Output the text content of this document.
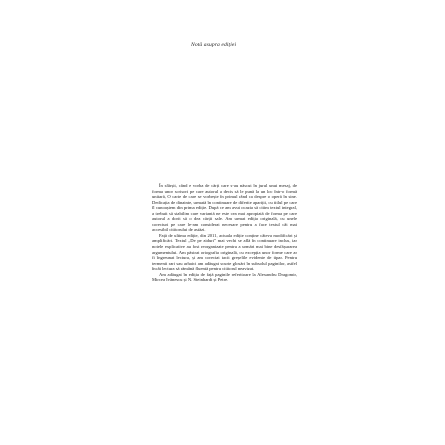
Notă asupra ediției

În sfârșit, când e vorba de cărți care s-au născut în jurul unui mesaj, de forma unor scrisori pe care autorul a decis să le pună la un loc într-o formă unitară, O carte de care se vorbește în primul rând ca despre o operă în sine. Dedicația de dinainte, urmată în continuare de diferite apariții, cu titlul pe care îl cunoaștem din prima ediție. După ce am avut ocazia să citim textul integral, a trebuit să stabilim care variantă ne este cea mai apropiată de forma pe care autorul a dorit să o dea cărții sale. Am urmat ediția originală, cu unele corecturi pe care le-am considerat necesare pentru a face textul cât mai accesibil cititorului de astăzi.

Față de ultima ediție, din 2011, actuala ediție conține câteva modificări și amplificări. Textul „De pe ziduri” mai vechi se află în continuare inclus, iar notele explicative au fost reorganizate pentru a urmări mai bine desfășurarea argumentului. Am păstrat ortografia originală, cu excepția unor forme care ar fi îngreunat lectura, și am corectat tacit greșelile evidente de tipar. Pentru termenii rari sau arhaici am adăugat scurte glosări în subsolul paginilor, astfel încât lectura să rămână fluentă pentru cititorul neavizat.

Am adăugat în ediția de față paginile referitoare la Alexandru Dragomir, Mircea Ivănescu și N. Steinhardt și Petre.
